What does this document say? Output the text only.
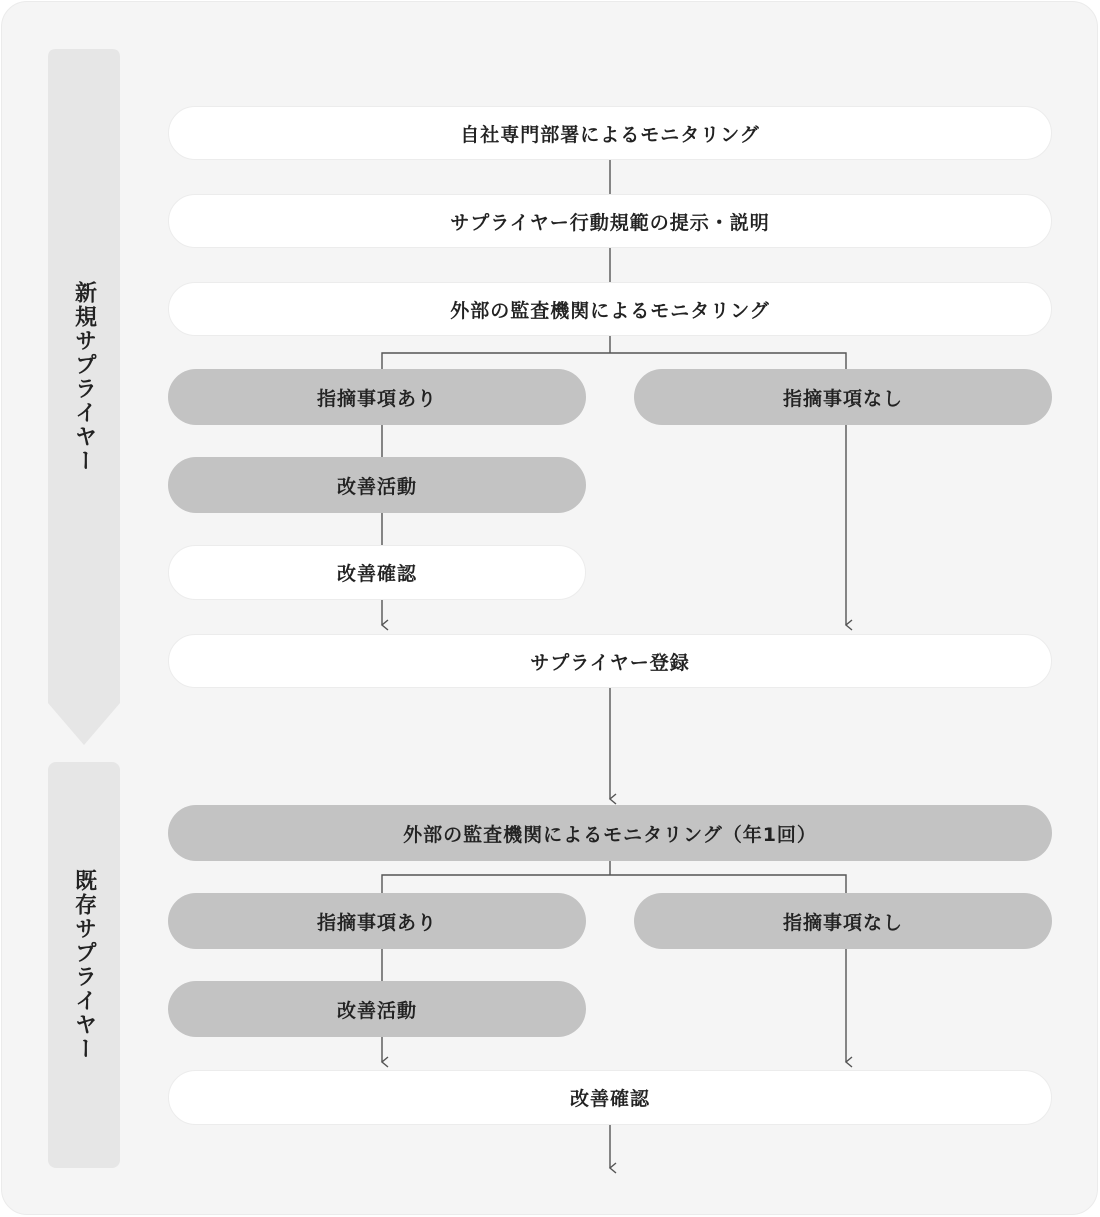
新規サプライヤー
既存サプライヤー
自社専門部署によるモニタリング
サプライヤー行動規範の提示・説明
外部の監査機関によるモニタリング
指摘事項あり	指摘事項なし
改善活動
改善確認
サプライヤー登録
外部の監査機関によるモニタリング（年1回）
指摘事項あり	指摘事項なし
改善活動
改善確認
